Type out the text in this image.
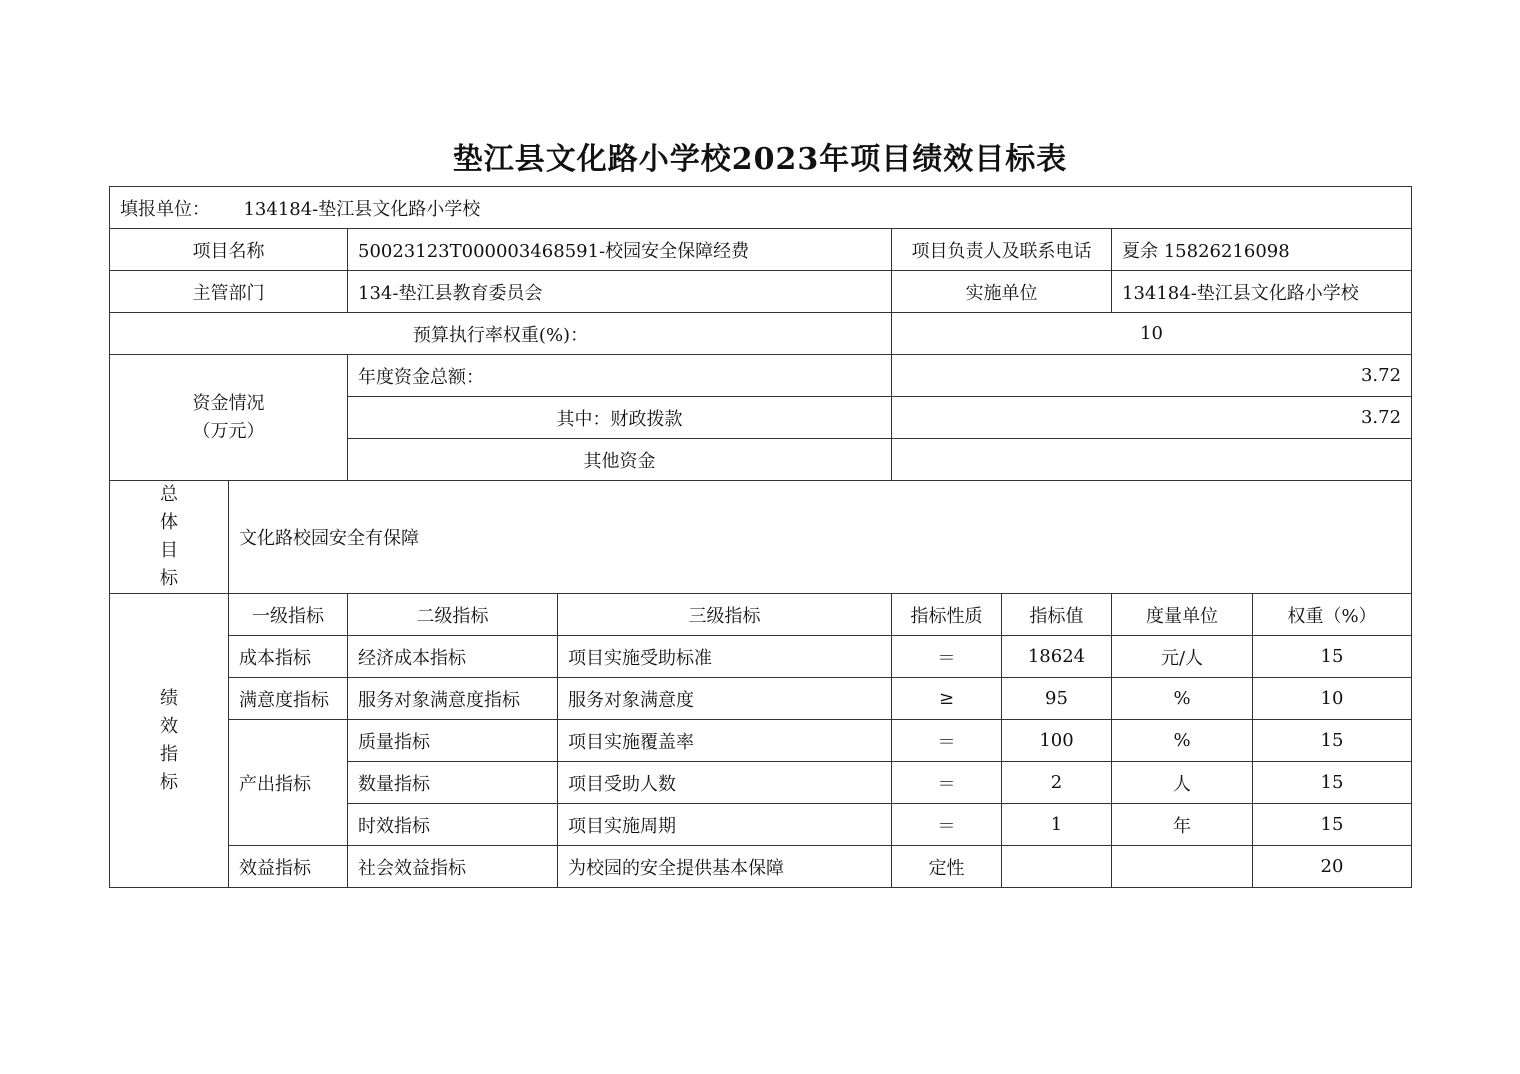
垫江县文化路小学校2023年项目绩效目标表
填报单位： 134184-垫江县文化路小学校							
项目名称		50023123T000003468591-校园安全保障经费		项目负责人及联系电话		夏余 15826216098	
主管部门		134-垫江县教育委员会		实施单位		134184-垫江县文化路小学校	
预算执行率权重(%)：				10			
资金情况
（万元）		年度资金总额：		3.72			
		其中：财政拨款		3.72			
		其他资金					

总
体
目
标	文化路校园安全有保障						

绩
效
指
标	一级指标	二级指标	三级指标	指标性质	指标值	度量单位	权重（%）
	成本指标	经济成本指标	项目实施受助标准	＝	18624	元/人	15
	满意度指标	服务对象满意度指标	服务对象满意度	≥	95	%	10
	产出指标	质量指标	项目实施覆盖率	＝	100	%	15
		数量指标	项目受助人数	＝	2	人	15
		时效指标	项目实施周期	＝	1	年	15
	效益指标	社会效益指标	为校园的安全提供基本保障	定性			20
